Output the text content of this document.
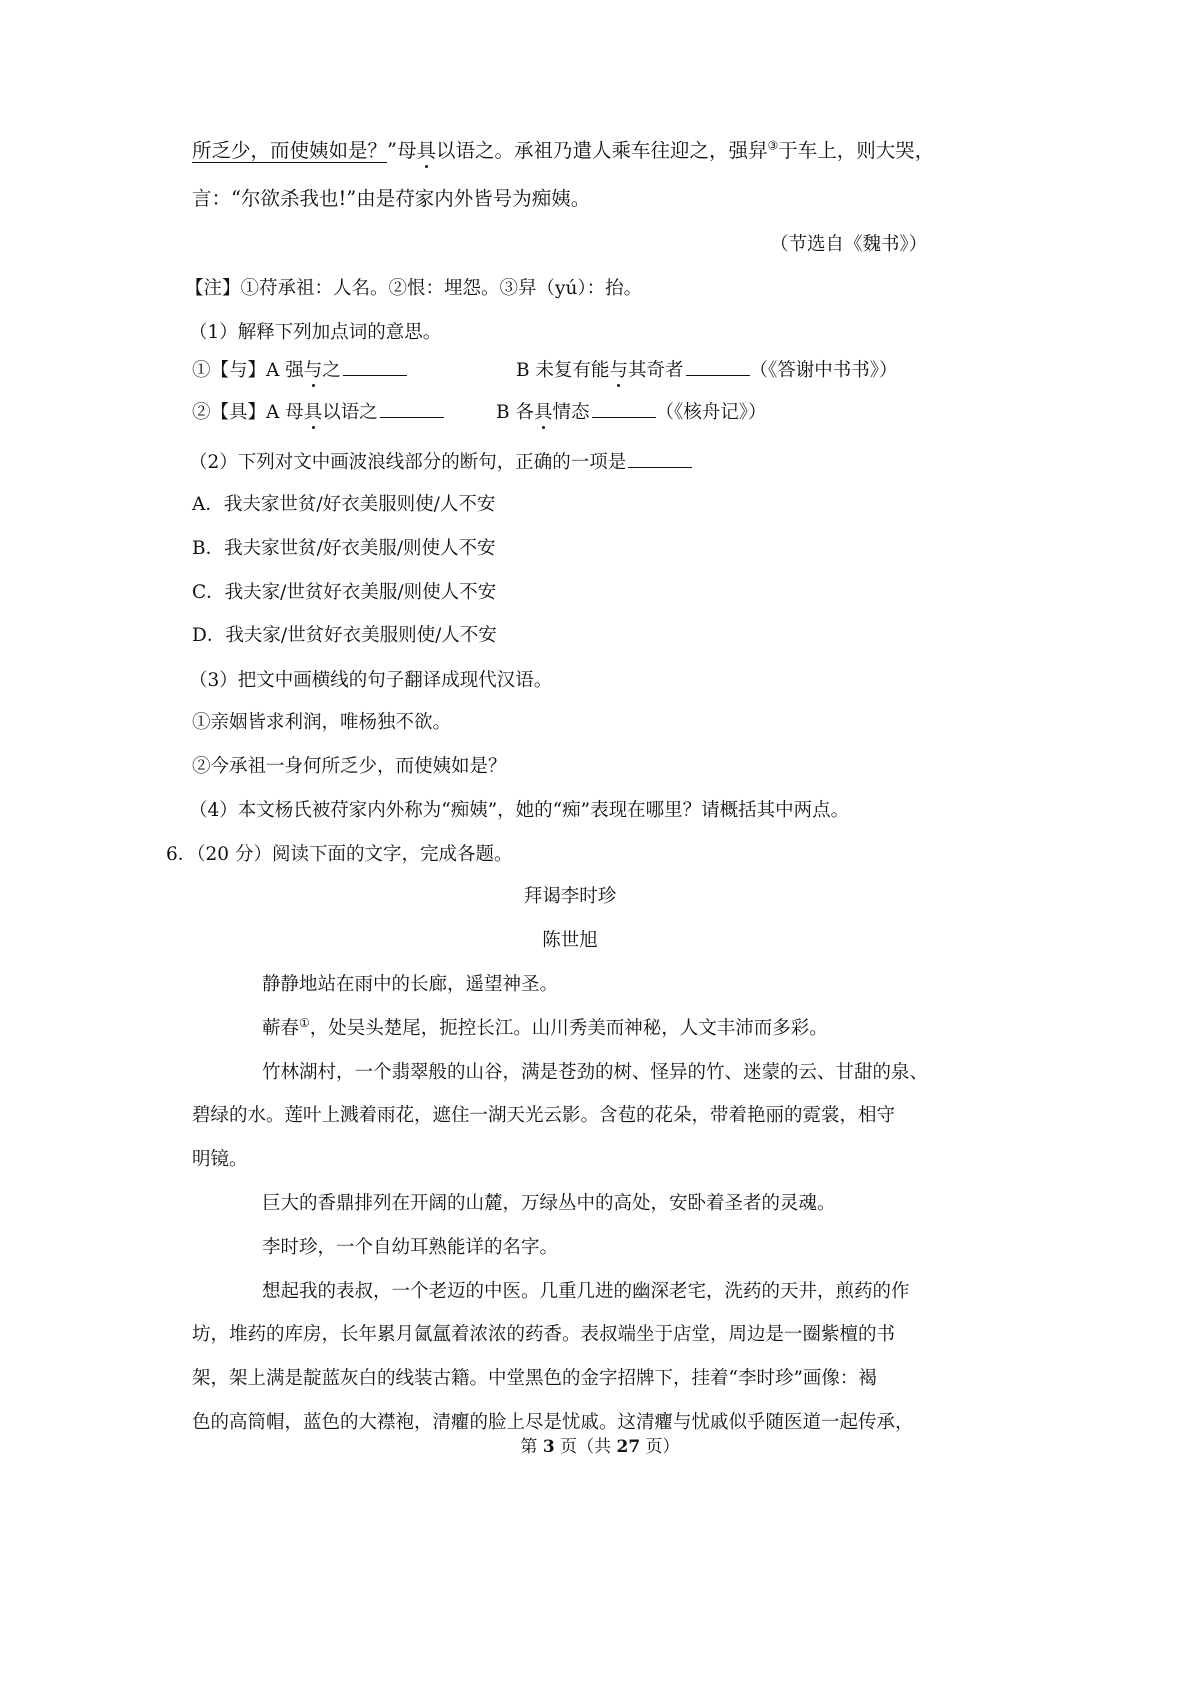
所乏少，而使姨如是？”母具以语之。承祖乃遣人乘车往迎之，强舁③于车上，则大哭，
言：“尔欲杀我也!”由是苻家内外皆号为痴姨。
（节选自《魏书》）
【注】①苻承祖：人名。②恨：埋怨。③舁（yú）：抬。
（1）解释下列加点词的意思。
①【与】A 强与之	B 未复有能与其奇者	（《答谢中书书》）
②【具】A 母具以语之	B 各具情态	（《核舟记》）
（2）下列对文中画波浪线部分的断句，正确的一项是
A．我夫家世贫/好衣美服则使/人不安
B．我夫家世贫/好衣美服/则使人不安
C．我夫家/世贫好衣美服/则使人不安
D．我夫家/世贫好衣美服则使/人不安
（3）把文中画横线的句子翻译成现代汉语。
①亲姻皆求利润，唯杨独不欲。
②今承祖一身何所乏少，而使姨如是？
（4）本文杨氏被苻家内外称为“痴姨”，她的“痴”表现在哪里？请概括其中两点。
6．（20 分）阅读下面的文字，完成各题。
拜谒李时珍
陈世旭
静静地站在雨中的长廊，遥望神圣。
蕲春①，处吴头楚尾，扼控长江。山川秀美而神秘，人文丰沛而多彩。
竹林湖村，一个翡翠般的山谷，满是苍劲的树、怪异的竹、迷蒙的云、甘甜的泉、
碧绿的水。莲叶上溅着雨花，遮住一湖天光云影。含苞的花朵，带着艳丽的霓裳，相守
明镜。
巨大的香鼎排列在开阔的山麓，万绿丛中的高处，安卧着圣者的灵魂。
李时珍，一个自幼耳熟能详的名字。
想起我的表叔，一个老迈的中医。几重几进的幽深老宅，洗药的天井，煎药的作
坊，堆药的库房，长年累月氤氲着浓浓的药香。表叔端坐于店堂，周边是一圈紫檀的书
架，架上满是靛蓝灰白的线装古籍。中堂黑色的金字招牌下，挂着“李时珍”画像：褐
色的高筒帽，蓝色的大襟袍，清癯的脸上尽是忧戚。这清癯与忧戚似乎随医道一起传承，
第 3 页（共 27 页）
